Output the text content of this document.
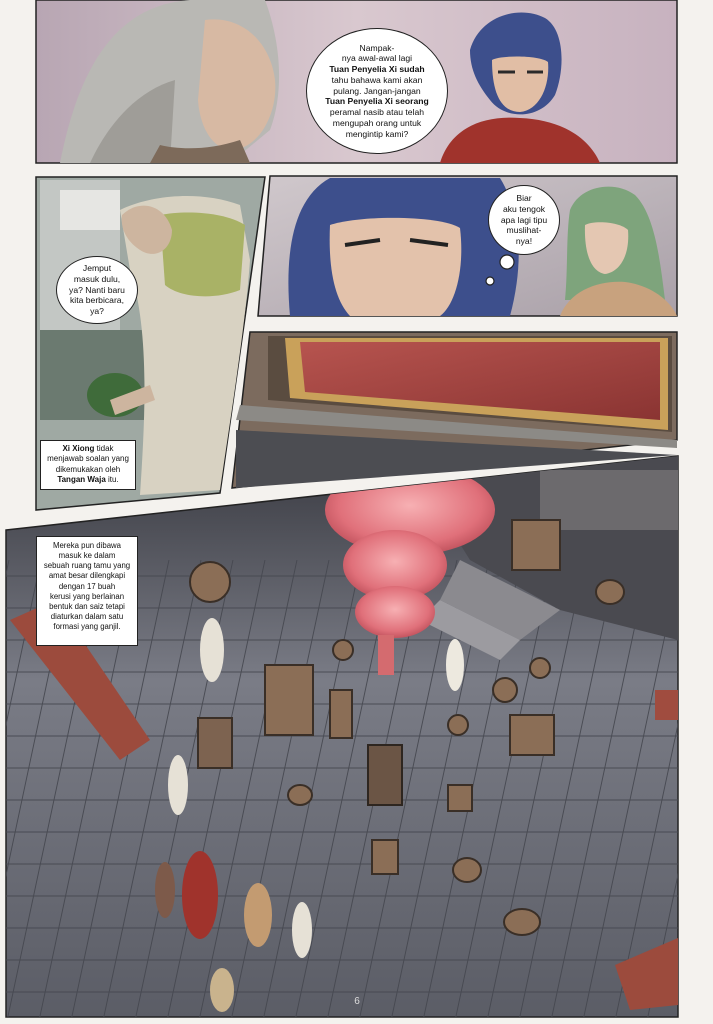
Nampak-
nya awal-awal lagi
Tuan Penyelia Xi sudah
tahu bahawa kami akan
pulang. Jangan-jangan
Tuan Penyelia Xi seorang
peramal nasib atau telah
mengupah orang untuk
mengintip kami?
Jemput
masuk dulu,
ya? Nanti baru
kita berbicara,
ya?
Xi Xiong tidak
menjawab soalan yang
dikemukakan oleh
Tangan Waja itu.
Biar
aku tengok
apa lagi tipu
muslihat-
nya!
Mereka pun dibawa
masuk ke dalam
sebuah ruang tamu yang
amat besar dilengkapi
dengan 17 buah
kerusi yang berlainan
bentuk dan saiz tetapi
diaturkan dalam satu
formasi yang ganjil.
6
